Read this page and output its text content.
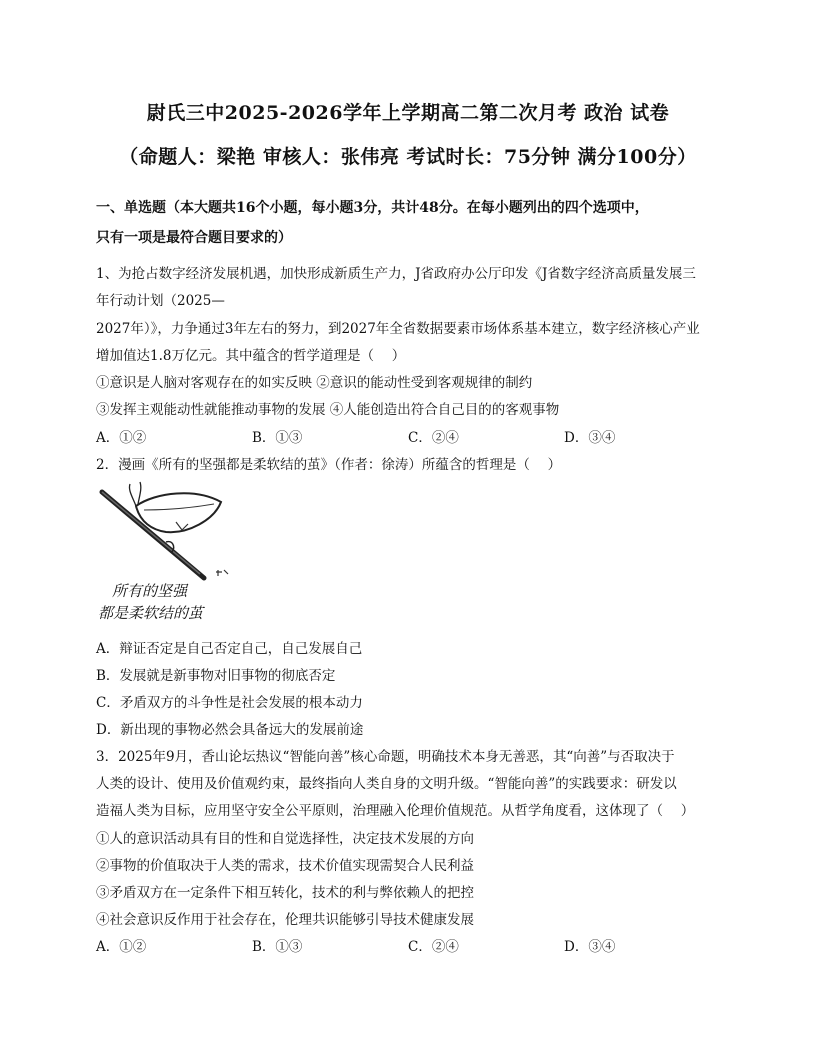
尉氏三中2025-2026学年上学期高二第二次月考 政治 试卷
（命题人：梁艳 审核人：张伟亮 考试时长：75分钟 满分100分）
一、单选题（本大题共16个小题，每小题3分，共计48分。在每小题列出的四个选项中，
只有一项是最符合题目要求的）
1、为抢占数字经济发展机遇，加快形成新质生产力，J省政府办公厅印发《J省数字经济高质量发展三
年行动计划（2025—
2027年）》，力争通过3年左右的努力，到2027年全省数据要素市场体系基本建立，数字经济核心产业
增加值达1.8万亿元。其中蕴含的哲学道理是（　 ）
①意识是人脑对客观存在的如实反映 ②意识的能动性受到客观规律的制约
③发挥主观能动性就能推动事物的发展 ④人能创造出符合自己目的的客观事物
A．①②	B．①③	C．②④	D．③④
2．漫画《所有的坚强都是柔软结的茧》（作者：徐涛）所蕴含的哲理是（　 ）
所有的坚强
都是柔软结的茧
A．辩证否定是自己否定自己，自己发展自己
B．发展就是新事物对旧事物的彻底否定
C．矛盾双方的斗争性是社会发展的根本动力
D．新出现的事物必然会具备远大的发展前途
3．2025年9月，香山论坛热议“智能向善”核心命题，明确技术本身无善恶，其“向善”与否取决于
人类的设计、使用及价值观约束，最终指向人类自身的文明升级。“智能向善”的实践要求：研发以
造福人类为目标，应用坚守安全公平原则，治理融入伦理价值规范。从哲学角度看，这体现了（　 ）
①人的意识活动具有目的性和自觉选择性，决定技术发展的方向
②事物的价值取决于人类的需求，技术价值实现需契合人民利益
③矛盾双方在一定条件下相互转化，技术的利与弊依赖人的把控
④社会意识反作用于社会存在，伦理共识能够引导技术健康发展
A．①②	B．①③	C．②④	D．③④
